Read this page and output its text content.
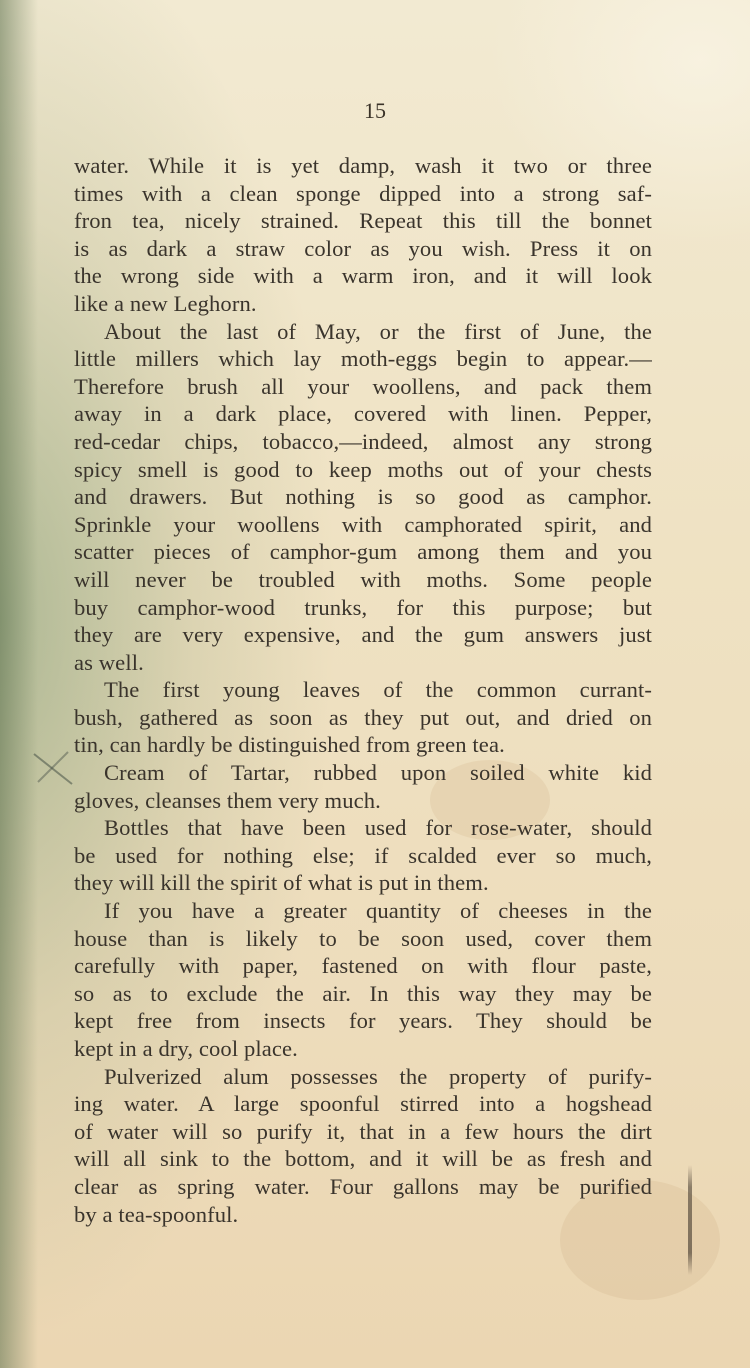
15
water. While it is yet damp, wash it two or three
times with a clean sponge dipped into a strong saf-
fron tea, nicely strained. Repeat this till the bonnet
is as dark a straw color as you wish. Press it on
the wrong side with a warm iron, and it will look
like a new Leghorn.
About the last of May, or the first of June, the
little millers which lay moth-eggs begin to appear.—
Therefore brush all your woollens, and pack them
away in a dark place, covered with linen. Pepper,
red-cedar chips, tobacco,—indeed, almost any strong
spicy smell is good to keep moths out of your chests
and drawers. But nothing is so good as camphor.
Sprinkle your woollens with camphorated spirit, and
scatter pieces of camphor-gum among them and you
will never be troubled with moths. Some people
buy camphor-wood trunks, for this purpose; but
they are very expensive, and the gum answers just
as well.
The first young leaves of the common currant-
bush, gathered as soon as they put out, and dried on
tin, can hardly be distinguished from green tea.
Cream of Tartar, rubbed upon soiled white kid
gloves, cleanses them very much.
Bottles that have been used for rose-water, should
be used for nothing else; if scalded ever so much,
they will kill the spirit of what is put in them.
If you have a greater quantity of cheeses in the
house than is likely to be soon used, cover them
carefully with paper, fastened on with flour paste,
so as to exclude the air. In this way they may be
kept free from insects for years. They should be
kept in a dry, cool place.
Pulverized alum possesses the property of purify-
ing water. A large spoonful stirred into a hogshead
of water will so purify it, that in a few hours the dirt
will all sink to the bottom, and it will be as fresh and
clear as spring water. Four gallons may be purified
by a tea-spoonful.
